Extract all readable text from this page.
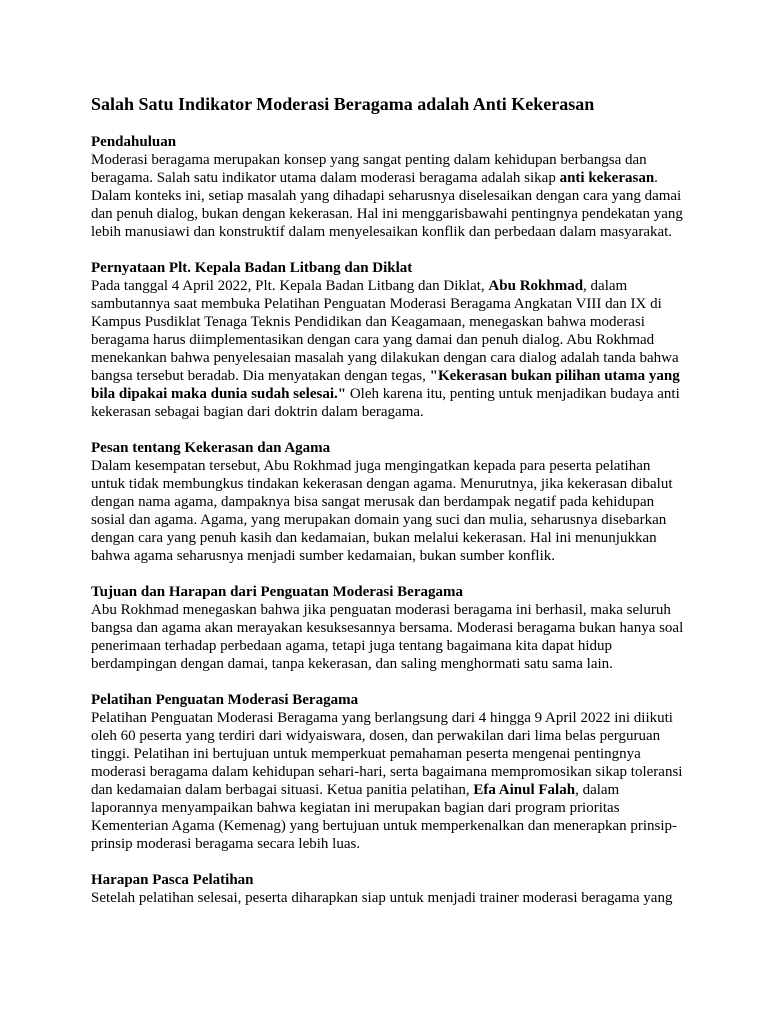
Salah Satu Indikator Moderasi Beragama adalah Anti Kekerasan

Pendahuluan

Moderasi beragama merupakan konsep yang sangat penting dalam kehidupan berbangsa dan beragama. Salah satu indikator utama dalam moderasi beragama adalah sikap anti kekerasan. Dalam konteks ini, setiap masalah yang dihadapi seharusnya diselesaikan dengan cara yang damai dan penuh dialog, bukan dengan kekerasan. Hal ini menggarisbawahi pentingnya pendekatan yang lebih manusiawi dan konstruktif dalam menyelesaikan konflik dan perbedaan dalam masyarakat.

Pernyataan Plt. Kepala Badan Litbang dan Diklat

Pada tanggal 4 April 2022, Plt. Kepala Badan Litbang dan Diklat, Abu Rokhmad, dalam sambutannya saat membuka Pelatihan Penguatan Moderasi Beragama Angkatan VIII dan IX di Kampus Pusdiklat Tenaga Teknis Pendidikan dan Keagamaan, menegaskan bahwa moderasi beragama harus diimplementasikan dengan cara yang damai dan penuh dialog. Abu Rokhmad menekankan bahwa penyelesaian masalah yang dilakukan dengan cara dialog adalah tanda bahwa bangsa tersebut beradab. Dia menyatakan dengan tegas, "Kekerasan bukan pilihan utama yang bila dipakai maka dunia sudah selesai." Oleh karena itu, penting untuk menjadikan budaya anti kekerasan sebagai bagian dari doktrin dalam beragama.

Pesan tentang Kekerasan dan Agama

Dalam kesempatan tersebut, Abu Rokhmad juga mengingatkan kepada para peserta pelatihan untuk tidak membungkus tindakan kekerasan dengan agama. Menurutnya, jika kekerasan dibalut dengan nama agama, dampaknya bisa sangat merusak dan berdampak negatif pada kehidupan sosial dan agama. Agama, yang merupakan domain yang suci dan mulia, seharusnya disebarkan dengan cara yang penuh kasih dan kedamaian, bukan melalui kekerasan. Hal ini menunjukkan bahwa agama seharusnya menjadi sumber kedamaian, bukan sumber konflik.

Tujuan dan Harapan dari Penguatan Moderasi Beragama

Abu Rokhmad menegaskan bahwa jika penguatan moderasi beragama ini berhasil, maka seluruh bangsa dan agama akan merayakan kesuksesannya bersama. Moderasi beragama bukan hanya soal penerimaan terhadap perbedaan agama, tetapi juga tentang bagaimana kita dapat hidup berdampingan dengan damai, tanpa kekerasan, dan saling menghormati satu sama lain.

Pelatihan Penguatan Moderasi Beragama

Pelatihan Penguatan Moderasi Beragama yang berlangsung dari 4 hingga 9 April 2022 ini diikuti oleh 60 peserta yang terdiri dari widyaiswara, dosen, dan perwakilan dari lima belas perguruan tinggi. Pelatihan ini bertujuan untuk memperkuat pemahaman peserta mengenai pentingnya moderasi beragama dalam kehidupan sehari-hari, serta bagaimana mempromosikan sikap toleransi dan kedamaian dalam berbagai situasi. Ketua panitia pelatihan, Efa Ainul Falah, dalam laporannya menyampaikan bahwa kegiatan ini merupakan bagian dari program prioritas Kementerian Agama (Kemenag) yang bertujuan untuk memperkenalkan dan menerapkan prinsip-prinsip moderasi beragama secara lebih luas.

Harapan Pasca Pelatihan

Setelah pelatihan selesai, peserta diharapkan siap untuk menjadi trainer moderasi beragama yang
